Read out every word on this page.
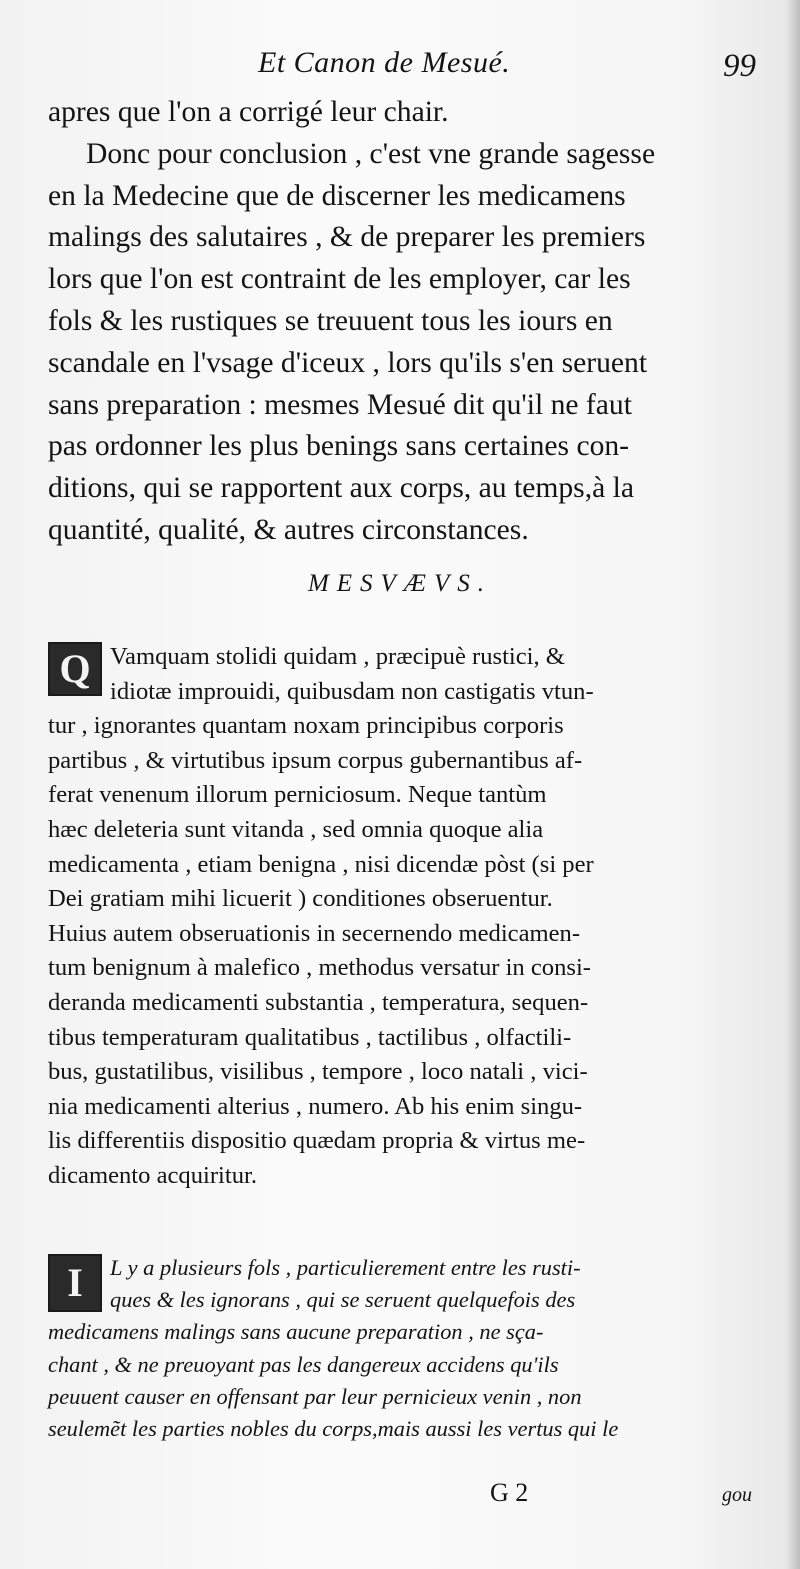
Et Canon de Mesué.	99
apres que l'on a corrigé leur chair.
Donc pour conclusion , c'est vne grande sagesse
en la Medecine que de discerner les medicamens
malings des salutaires , & de preparer les premiers
lors que l'on est contraint de les employer, car les
fols & les rustiques se treuuent tous les iours en
scandale en l'vsage d'iceux , lors qu'ils s'en seruent
sans preparation : mesmes Mesué dit qu'il ne faut
pas ordonner les plus benings sans certaines con-
ditions, qui se rapportent aux corps, au temps,à la
quantité, qualité, & autres circonstances.
MESVÆVS.
Q Vamquam stolidi quidam , præcipuè rustici, &
idiotæ improuidi, quibusdam non castigatis vtun-
tur , ignorantes quantam noxam principibus corporis
partibus , & virtutibus ipsum corpus gubernantibus af-
ferat venenum illorum perniciosum. Neque tantùm
hæc deleteria sunt vitanda , sed omnia quoque alia
medicamenta , etiam benigna , nisi dicendæ pòst (si per
Dei gratiam mihi licuerit ) conditiones obseruentur.
Huius autem obseruationis in secernendo medicamen-
tum benignum à malefico , methodus versatur in consi-
deranda medicamenti substantia , temperatura, sequen-
tibus temperaturam qualitatibus , tactilibus , olfactili-
bus, gustatilibus, visilibus , tempore , loco natali , vici-
nia medicamenti alterius , numero. Ab his enim singu-
lis differentiis dispositio quædam propria & virtus me-
dicamento acquiritur.
I	L y a plusieurs fols , particulierement entre les rusti-
ques & les ignorans , qui se seruent quelquefois des
medicamens malings sans aucune preparation , ne sça-
chant , & ne preuoyant pas les dangereux accidens qu'ils
peuuent causer en offensant par leur pernicieux venin , non
seulemẽt les parties nobles du corps,mais aussi les vertus qui le
G 2	gou
